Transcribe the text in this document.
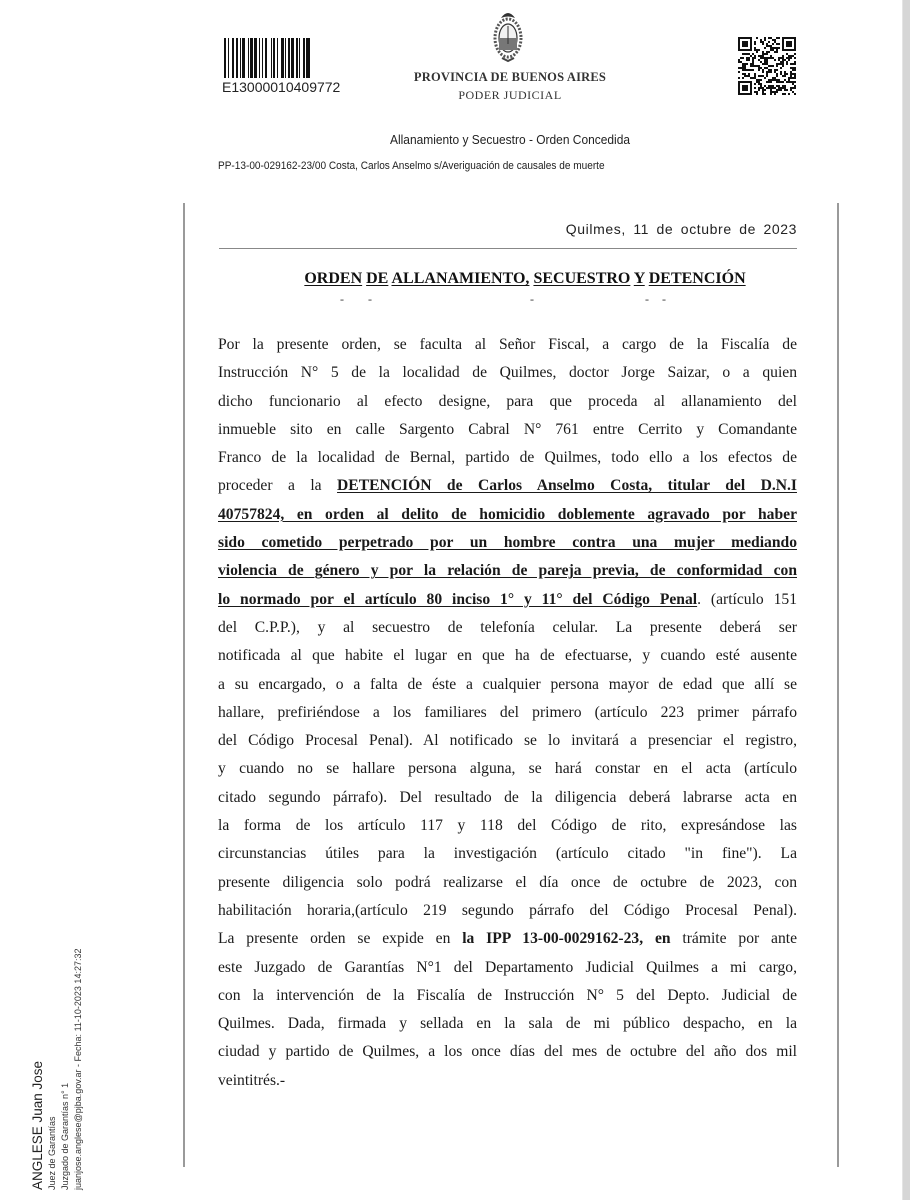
E13000010409772
PROVINCIA DE BUENOS AIRES
PODER JUDICIAL
Allanamiento y Secuestro - Orden Concedida
PP-13-00-029162-23/00 Costa, Carlos Anselmo s/Averiguación de causales de muerte
Quilmes, 11 de octubre de 2023
ORDEN DE ALLANAMIENTO, SECUESTRO Y DETENCIÓN
- -	-	- -
Por la presente orden, se faculta al Señor Fiscal, a cargo de la Fiscalía de
Instrucción N° 5 de la localidad de Quilmes, doctor Jorge Saizar, o a quien
dicho funcionario al efecto designe, para que proceda al allanamiento del
inmueble sito en calle Sargento Cabral N° 761 entre Cerrito y Comandante
Franco de la localidad de Bernal, partido de Quilmes, todo ello a los efectos de
proceder a la DETENCIÓN de Carlos Anselmo Costa, titular del D.N.I
40757824, en orden al delito de homicidio doblemente agravado por haber
sido cometido perpetrado por un hombre contra una mujer mediando
violencia de género y por la relación de pareja previa, de conformidad con
lo normado por el artículo 80 inciso 1° y 11° del Código Penal. (artículo 151
del C.P.P.), y al secuestro de telefonía celular. La presente deberá ser
notificada al que habite el lugar en que ha de efectuarse, y cuando esté ausente
a su encargado, o a falta de éste a cualquier persona mayor de edad que allí se
hallare, prefiriéndose a los familiares del primero (artículo 223 primer párrafo
del Código Procesal Penal). Al notificado se lo invitará a presenciar el registro,
y cuando no se hallare persona alguna, se hará constar en el acta (artículo
citado segundo párrafo). Del resultado de la diligencia deberá labrarse acta en
la forma de los artículo 117 y 118 del Código de rito, expresándose las
circunstancias útiles para la investigación (artículo citado "in fine"). La
presente diligencia solo podrá realizarse el día once de octubre de 2023, con
habilitación horaria,(artículo 219 segundo párrafo del Código Procesal Penal).
La presente orden se expide en la IPP 13-00-0029162-23, en trámite por ante
este Juzgado de Garantías N°1 del Departamento Judicial Quilmes a mi cargo,
con la intervención de la Fiscalía de Instrucción N° 5 del Depto. Judicial de
Quilmes. Dada, firmada y sellada en la sala de mi público despacho, en la
ciudad y partido de Quilmes, a los once días del mes de octubre del año dos mil
veintitrés.-
ANGLESE Juan Jose Juez de Garantías Juzgado de Garantías n° 1 juanjose.anglese@pjba.gov.ar - Fecha: 11-10-2023 14:27:32
